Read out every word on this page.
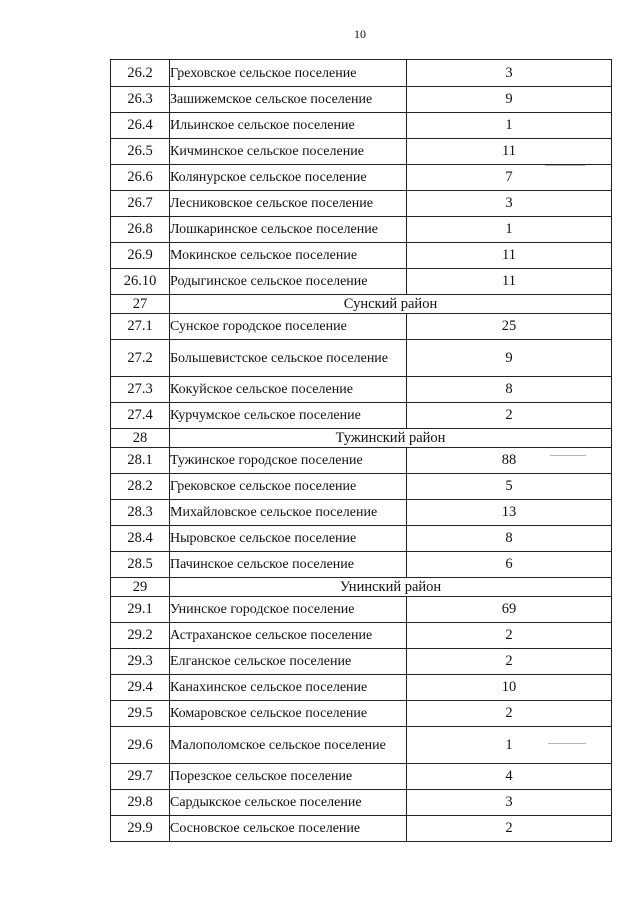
10
26.2	Греховское сельское поселение	3
26.3	Зашижемское сельское поселение	9
26.4	Ильинское сельское поселение	1
26.5	Кичминское сельское поселение	11
26.6	Колянурское сельское поселение	7
26.7	Лесниковское сельское поселение	3
26.8	Лошкаринское сельское поселение	1
26.9	Мокинское сельское поселение	11
26.10	Родыгинское сельское поселение	11
27	Сунский район	
27.1	Сунское городское поселение	25
27.2	Большевистское сельское поселение	9
27.3	Кокуйское сельское поселение	8
27.4	Курчумское сельское поселение	2
28	Тужинский район	
28.1	Тужинское городское поселение	88
28.2	Грековское сельское поселение	5
28.3	Михайловское сельское поселение	13
28.4	Ныровское сельское поселение	8
28.5	Пачинское сельское поселение	6
29	Унинский район	
29.1	Унинское городское поселение	69
29.2	Астраханское сельское поселение	2
29.3	Елганское сельское поселение	2
29.4	Канахинское сельское поселение	10
29.5	Комаровское сельское поселение	2
29.6	Малополомское сельское поселение	1
29.7	Порезское сельское поселение	4
29.8	Сардыкское сельское поселение	3
29.9	Сосновское сельское поселение	2
